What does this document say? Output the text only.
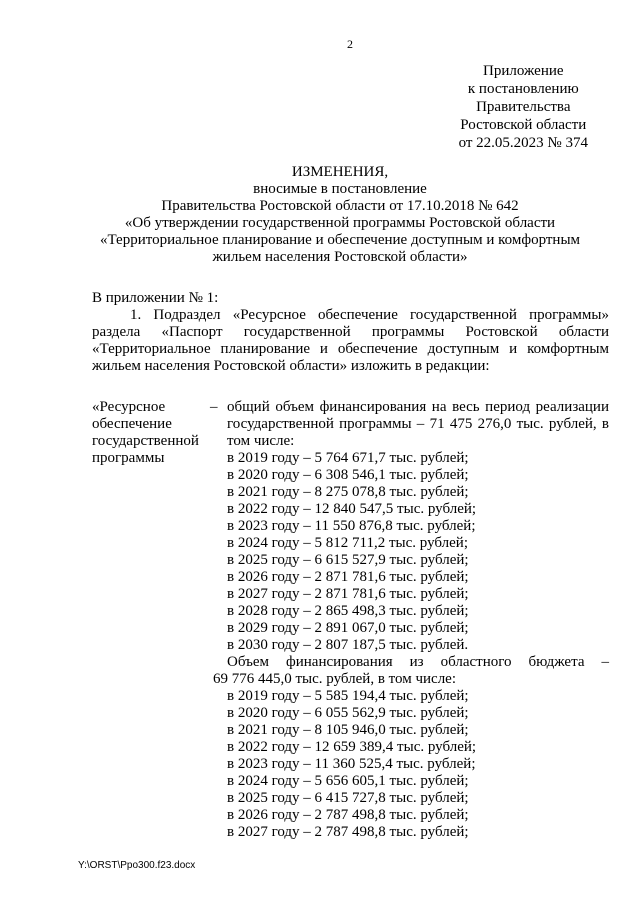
2
Приложение
к постановлению
Правительства
Ростовской области
от 22.05.2023 № 374
ИЗМЕНЕНИЯ,
вносимые в постановление
Правительства Ростовской области от 17.10.2018 № 642
«Об утверждении государственной программы Ростовской области
«Территориальное планирование и обеспечение доступным и комфортным
жильем населения Ростовской области»
В приложении № 1:
1. Подраздел «Ресурсное обеспечение государственной программы» раздела «Паспорт государственной программы Ростовской области «Территориальное планирование и обеспечение доступным и комфортным жильем населения Ростовской области» изложить в редакции:
«Ресурсное
обеспечение
государственной
программы
– общий объем финансирования на весь период реализации государственной программы – 71 475 276,0 тыс. рублей, в том числе:
в 2019 году – 5 764 671,7 тыс. рублей;
в 2020 году – 6 308 546,1 тыс. рублей;
в 2021 году – 8 275 078,8 тыс. рублей;
в 2022 году – 12 840 547,5 тыс. рублей;
в 2023 году – 11 550 876,8 тыс. рублей;
в 2024 году – 5 812 711,2 тыс. рублей;
в 2025 году – 6 615 527,9 тыс. рублей;
в 2026 году – 2 871 781,6 тыс. рублей;
в 2027 году – 2 871 781,6 тыс. рублей;
в 2028 году – 2 865 498,3 тыс. рублей;
в 2029 году – 2 891 067,0 тыс. рублей;
в 2030 году – 2 807 187,5 тыс. рублей.
Объем финансирования из областного бюджета –
69 776 445,0 тыс. рублей, в том числе:
в 2019 году – 5 585 194,4 тыс. рублей;
в 2020 году – 6 055 562,9 тыс. рублей;
в 2021 году – 8 105 946,0 тыс. рублей;
в 2022 году – 12 659 389,4 тыс. рублей;
в 2023 году – 11 360 525,4 тыс. рублей;
в 2024 году – 5 656 605,1 тыс. рублей;
в 2025 году – 6 415 727,8 тыс. рублей;
в 2026 году – 2 787 498,8 тыс. рублей;
в 2027 году – 2 787 498,8 тыс. рублей;
Y:\ORST\Ppo300.f23.docx
